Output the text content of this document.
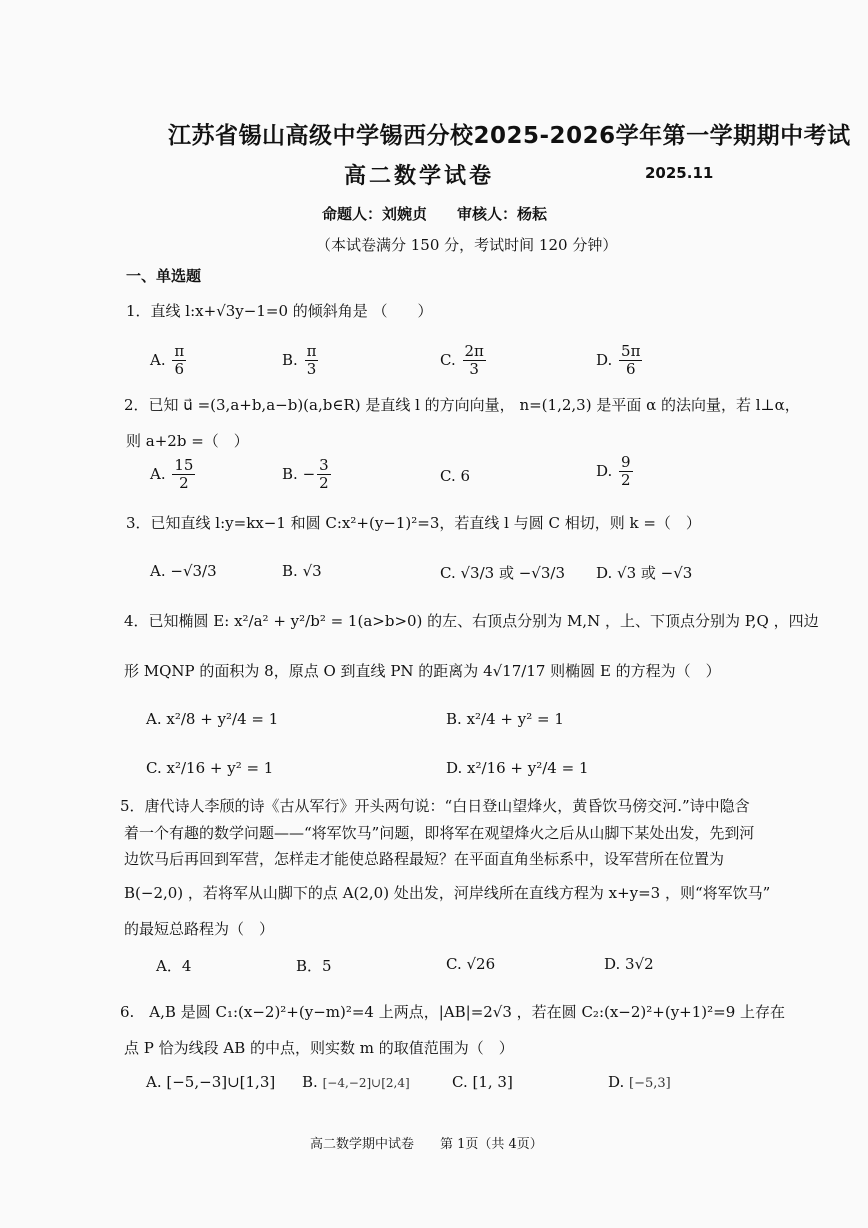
江苏省锡山高级中学锡西分校2025-2026学年第一学期期中考试
高二数学试卷	2025.11
命题人：刘婉贞　　审核人：杨耘
（本试卷满分 150 分，考试时间 120 分钟）
一、单选题
1．直线 l:x+√3y−1=0 的倾斜角是 （　　）
A. $\frac{\pi}{6}$	B. $\frac{\pi}{3}$	C. $\frac{2\pi}{3}$	D. $\frac{5\pi}{6}$
2．已知 u⃗ =(3,a+b,a−b)(a,b∈R) 是直线 l 的方向向量， n=(1,2,3) 是平面 α 的法向量，若 l⊥α，
则 a+2b =（　）
A. $\frac{15}{2}$	B. − $\frac{3}{2}$	C. 6	D. $\frac{9}{2}$
3．已知直线 l:y=kx−1 和圆 C:x²+(y−1)²=3，若直线 l 与圆 C 相切，则 k =（　）
A. −√3/3	B. √3	C. √3/3 或 −√3/3 D. √3 或 −√3
4．已知椭圆 E: x²/a² + y²/b² = 1(a>b>0) 的左、右顶点分别为 M,N ，上、下顶点分别为 P,Q ，四边
形 MQNP 的面积为 8，原点 O 到直线 PN 的距离为 4√17/17 则椭圆 E 的方程为（　）
A. x²/8 + y²/4 = 1	B. x²/4 + y² = 1
C. x²/16 + y² = 1	D. x²/16 + y²/4 = 1
5．唐代诗人李颀的诗《古从军行》开头两句说：“白日登山望烽火，黄昏饮马傍交河.”诗中隐含
着一个有趣的数学问题——“将军饮马”问题，即将军在观望烽火之后从山脚下某处出发，先到河
边饮马后再回到军营，怎样走才能使总路程最短？在平面直角坐标系中，设军营所在位置为
B(−2,0) ，若将军从山脚下的点 A(2,0) 处出发，河岸线所在直线方程为 x+y=3 ，则“将军饮马”
的最短总路程为（　）
A．4	B．5	C. √26	D. 3√2
6.　A,B 是圆 C₁:(x−2)²+(y−m)²=4 上两点，|AB|=2√3 ，若在圆 C₂:(x−2)²+(y+1)²=9 上存在
点 P 恰为线段 AB 的中点，则实数 m 的取值范围为（　）
A. [−5,−3]∪[1,3] B. [−4,−2]∪[2,4]	C. [1, 3]	D. [−5,3]
高二数学期中试卷　　第 1页（共 4页）
